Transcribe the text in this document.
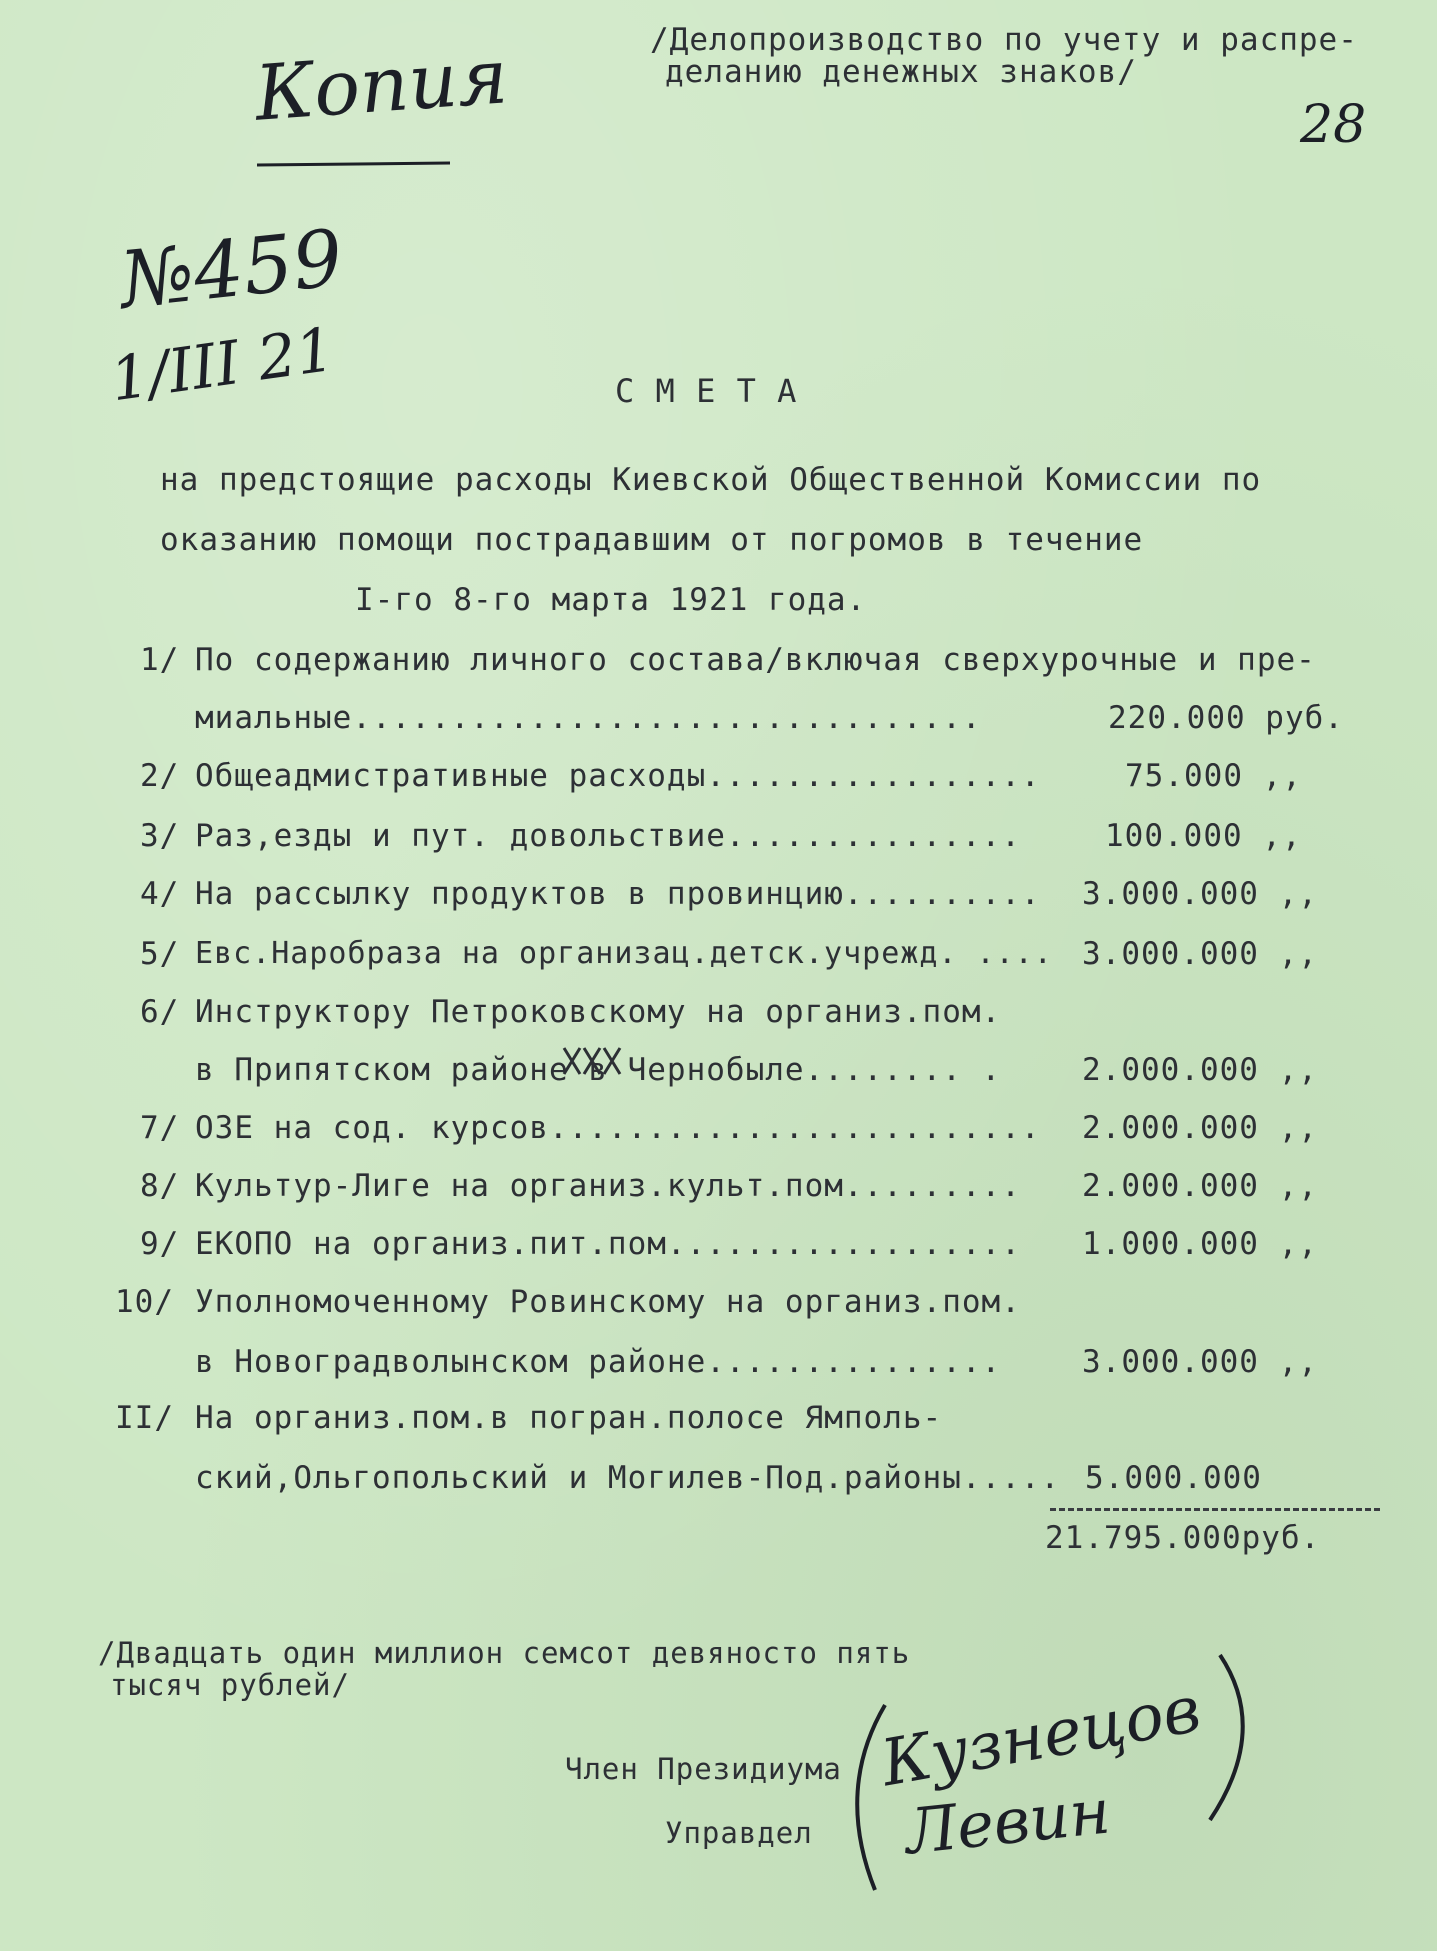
Копия	/Делопроизводство по учету и распре-
деланию денежных знаков/
28
№459
1/III 21	С М Е Т А
на предстоящие расходы Киевской Общественной Комиссии по
оказанию помощи пострадавшим от погромов в течение
I-го 8-го марта 1921 года.
1/ По содержанию личного состава/включая сверхурочные и пре-
миальные................................	220.000 руб.
2/ Общеадмистративные расходы.................	75.000 ,,
3/ Раз,езды и пут. довольствие...............	100.000 ,,
4/ На рассылку продуктов в провинцию.......... 3.000.000 ,,
5/ Евс.Наробраза на организац.детск.учрежд. .... 3.000.000 ,,
6/ Инструктору Петроковскому на организ.пом.
в Припятском районе в Чернобыле........ .	2.000.000 ,,
7/ ОЗЕ на сод. курсов......................... 2.000.000 ,,
8/ Культур-Лиге на организ.культ.пом......... 2.000.000 ,,
9/ ЕКОПО на организ.пит.пом.................. 1.000.000 ,,
10/ Уполномоченному Ровинскому на организ.пом.
в Новоградволынском районе...............	3.000.000 ,,
II/ На организ.пом.в погран.полосе Ямполь-
ский,Ольгопольский и Могилев-Под.районы..... 5.000.000
21.795.000руб.
/Двадцать один миллион семсот девяносто пять
тысяч рублей/
Член Президиума
Управдел
Кузнецов
Левин
